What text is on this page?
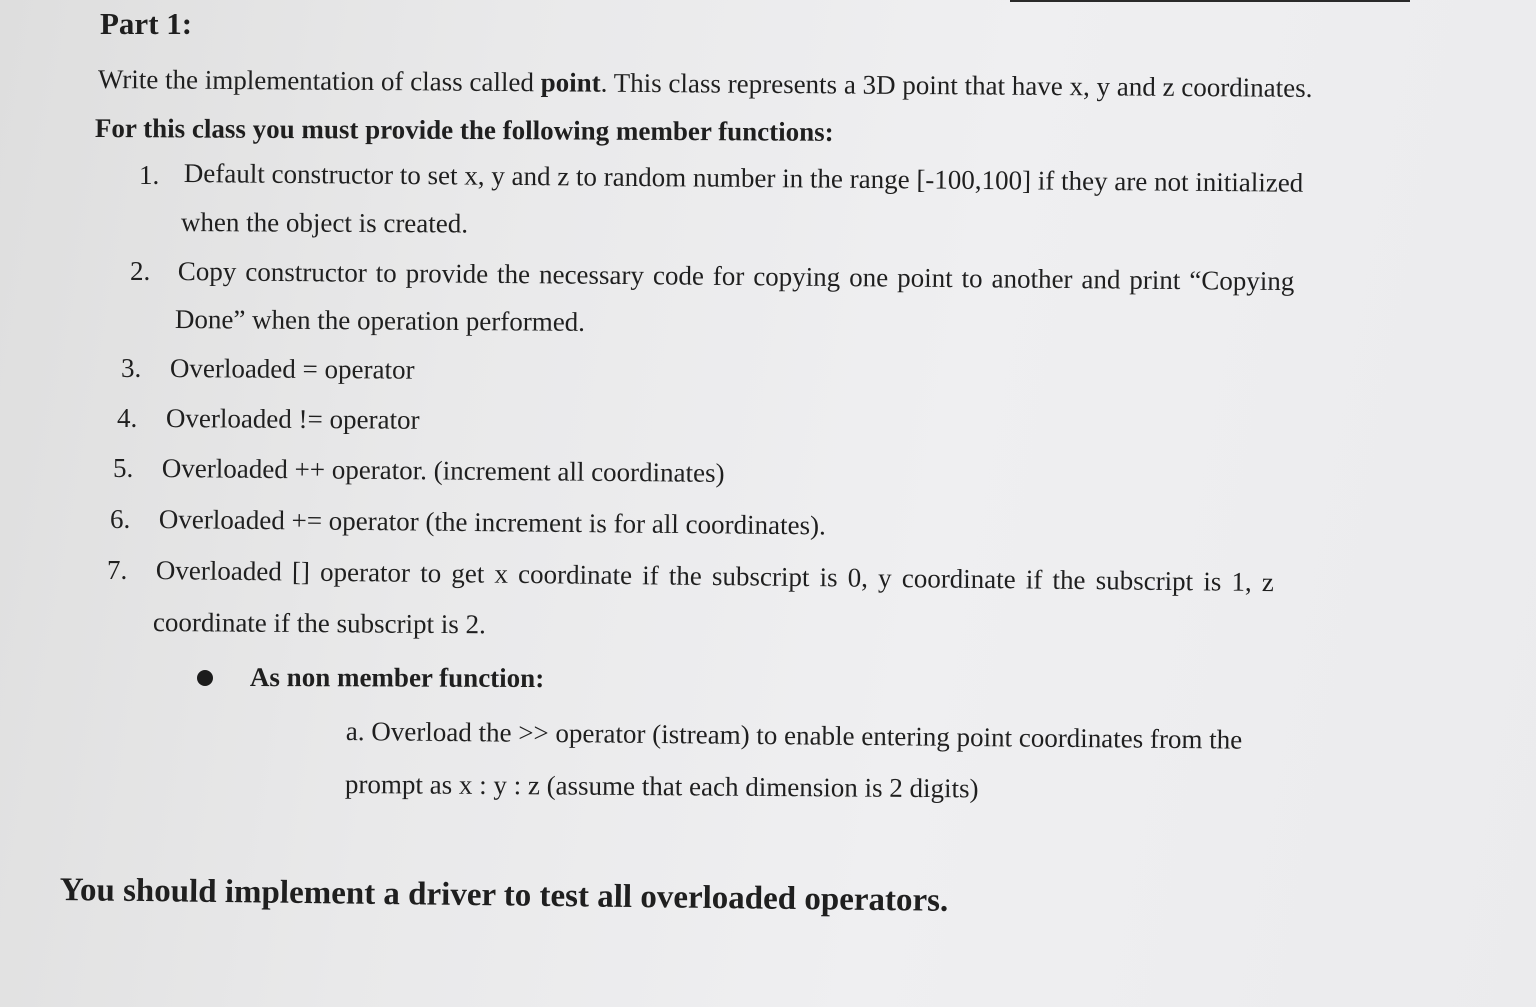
Part 1:
Write the implementation of class called point. This class represents a 3D point that have x, y and z coordinates.
For this class you must provide the following member functions:
1. Default constructor to set x, y and z to random number in the range [-100,100] if they are not initialized
when the object is created.
2. Copy constructor to provide the necessary code for copying one point to another and print “Copying
Done” when the operation performed.
3. Overloaded = operator
4. Overloaded != operator
5. Overloaded ++ operator. (increment all coordinates)
6. Overloaded += operator (the increment is for all coordinates).
7. Overloaded [] operator to get x coordinate if the subscript is 0, y coordinate if the subscript is 1, z
coordinate if the subscript is 2.
As non member function:
a. Overload the >> operator (istream) to enable entering point coordinates from the
prompt as x : y : z (assume that each dimension is 2 digits)
You should implement a driver to test all overloaded operators.
